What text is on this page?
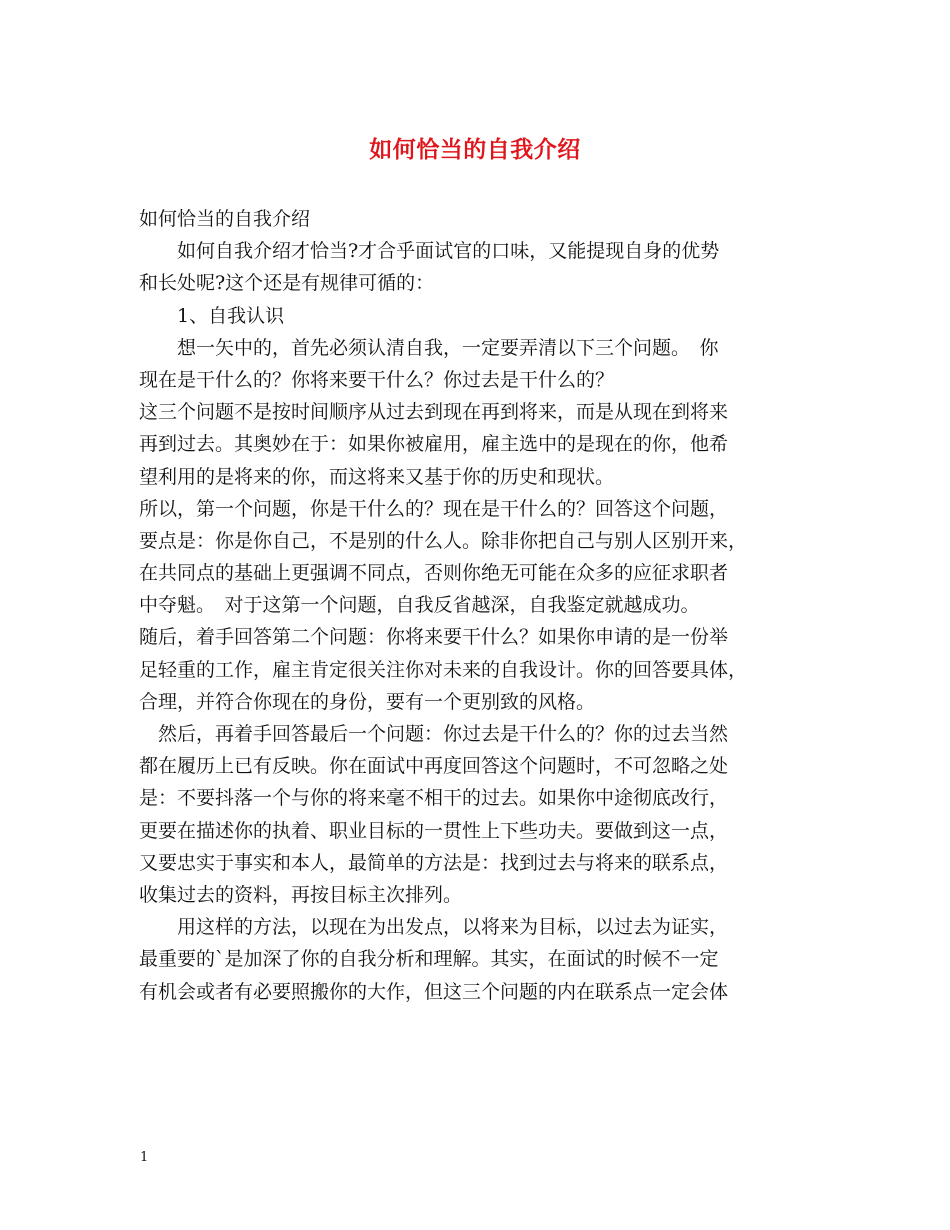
如何恰当的自我介绍
如何恰当的自我介绍
　　如何自我介绍才恰当?才合乎面试官的口味，又能提现自身的优势
和长处呢?这个还是有规律可循的：
　　1、自我认识
　　想一矢中的，首先必须认清自我，一定要弄清以下三个问题。　你
现在是干什么的？你将来要干什么？你过去是干什么的？
这三个问题不是按时间顺序从过去到现在再到将来，而是从现在到将来
再到过去。其奥妙在于：如果你被雇用，雇主选中的是现在的你，他希
望利用的是将来的你，而这将来又基于你的历史和现状。
所以，第一个问题，你是干什么的？现在是干什么的？回答这个问题，
要点是：你是你自己，不是别的什么人。除非你把自己与别人区别开来，
在共同点的基础上更强调不同点，否则你绝无可能在众多的应征求职者
中夺魁。　对于这第一个问题，自我反省越深，自我鉴定就越成功。
随后，着手回答第二个问题：你将来要干什么？如果你申请的是一份举
足轻重的工作，雇主肯定很关注你对未来的自我设计。你的回答要具体，
合理，并符合你现在的身份，要有一个更别致的风格。
　然后，再着手回答最后一个问题：你过去是干什么的？你的过去当然
都在履历上已有反映。你在面试中再度回答这个问题时，不可忽略之处
是：不要抖落一个与你的将来毫不相干的过去。如果你中途彻底改行，
更要在描述你的执着、职业目标的一贯性上下些功夫。要做到这一点，
又要忠实于事实和本人，最简单的方法是：找到过去与将来的联系点，
收集过去的资料，再按目标主次排列。
　　用这样的方法，以现在为出发点，以将来为目标，以过去为证实，
最重要的`是加深了你的自我分析和理解。其实，在面试的时候不一定
有机会或者有必要照搬你的大作，但这三个问题的内在联系点一定会体
1
